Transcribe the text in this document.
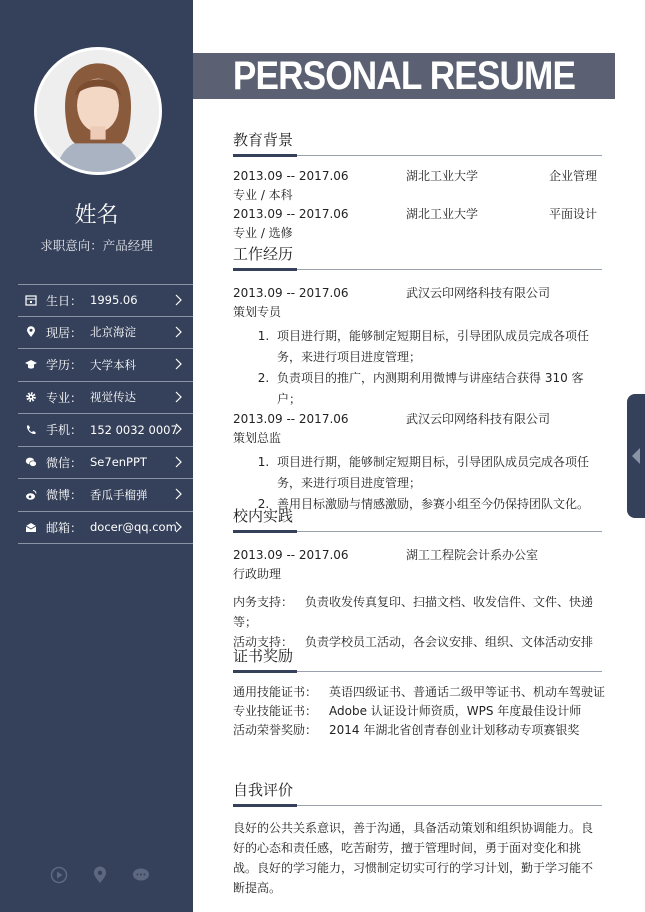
姓名
求职意向：产品经理
生日： 1995.06
现居： 北京海淀
学历： 大学本科
专业： 视觉传达
手机： 152 0032 0007
微信： Se7enPPT
微博： 香瓜手榴弹
邮箱： docer@qq.com
PERSONAL RESUME
教育背景
2013.09 -- 2017.06	湖北工业大学	企业管理
专业 / 本科
2013.09 -- 2017.06	湖北工业大学	平面设计
专业 / 选修
工作经历
2013.09 -- 2017.06	武汉云印网络科技有限公司
策划专员
1. 项目进行期，能够制定短期目标，引导团队成员完成各项任务，来进行项目进度管理；
2. 负责项目的推广，内测期利用微博与讲座结合获得 310 客户；
2013.09 -- 2017.06	武汉云印网络科技有限公司
策划总监
1. 项目进行期，能够制定短期目标，引导团队成员完成各项任务，来进行项目进度管理；
2. 善用目标激励与情感激励，参赛小组至今仍保持团队文化。
校内实践
2013.09 -- 2017.06	湖工工程院会计系办公室
行政助理
内务支持： 负责收发传真复印、扫描文档、收发信件、文件、快递等；
活动支持： 负责学校员工活动，各会议安排、组织、文体活动安排
证书奖励
通用技能证书： 英语四级证书、普通话二级甲等证书、机动车驾驶证
专业技能证书： Adobe 认证设计师资质，WPS 年度最佳设计师
活动荣誉奖励： 2014 年湖北省创青春创业计划移动专项赛银奖
自我评价
良好的公共关系意识，善于沟通，具备活动策划和组织协调能力。良好的心态和责任感，吃苦耐劳，擅于管理时间，勇于面对变化和挑战。良好的学习能力，习惯制定切实可行的学习计划，勤于学习能不断提高。
